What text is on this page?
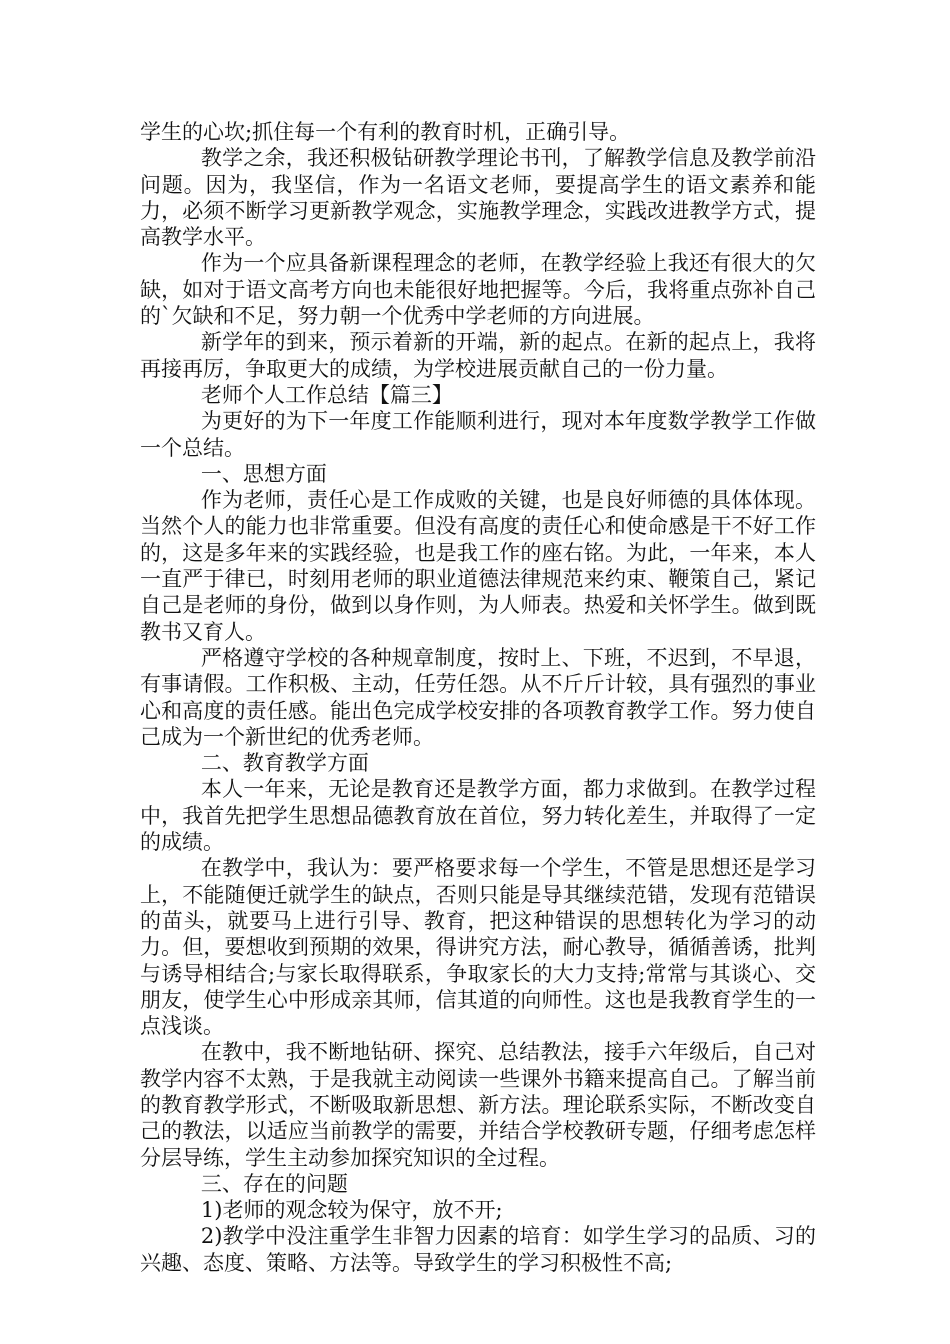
学生的心坎;抓住每一个有利的教育时机，正确引导。

教学之余，我还积极钻研教学理论书刊，了解教学信息及教学前沿问题。因为，我坚信，作为一名语文老师，要提高学生的语文素养和能力，必须不断学习更新教学观念，实施教学理念，实践改进教学方式，提高教学水平。

作为一个应具备新课程理念的老师，在教学经验上我还有很大的欠缺，如对于语文高考方向也未能很好地把握等。今后，我将重点弥补自己的`欠缺和不足，努力朝一个优秀中学老师的方向进展。

新学年的到来，预示着新的开端，新的起点。在新的起点上，我将再接再厉，争取更大的成绩，为学校进展贡献自己的一份力量。

老师个人工作总结【篇三】

为更好的为下一年度工作能顺利进行，现对本年度数学教学工作做一个总结。

一、思想方面

作为老师，责任心是工作成败的关键，也是良好师德的具体体现。当然个人的能力也非常重要。但没有高度的责任心和使命感是干不好工作的，这是多年来的实践经验，也是我工作的座右铭。为此，一年来，本人一直严于律已，时刻用老师的职业道德法律规范来约束、鞭策自己，紧记自己是老师的身份，做到以身作则，为人师表。热爱和关怀学生。做到既教书又育人。

严格遵守学校的各种规章制度，按时上、下班，不迟到，不早退，有事请假。工作积极、主动，任劳任怨。从不斤斤计较，具有强烈的事业心和高度的责任感。能出色完成学校安排的各项教育教学工作。努力使自己成为一个新世纪的优秀老师。

二、教育教学方面

本人一年来，无论是教育还是教学方面，都力求做到。在教学过程中，我首先把学生思想品德教育放在首位，努力转化差生，并取得了一定的成绩。

在教学中，我认为：要严格要求每一个学生，不管是思想还是学习上，不能随便迁就学生的缺点，否则只能是导其继续范错，发现有范错误的苗头，就要马上进行引导、教育，把这种错误的思想转化为学习的动力。但，要想收到预期的效果，得讲究方法，耐心教导，循循善诱，批判与诱导相结合;与家长取得联系，争取家长的大力支持;常常与其谈心、交朋友，使学生心中形成亲其师，信其道的向师性。这也是我教育学生的一点浅谈。

在教中，我不断地钻研、探究、总结教法，接手六年级后，自己对教学内容不太熟，于是我就主动阅读一些课外书籍来提高自己。了解当前的教育教学形式，不断吸取新思想、新方法。理论联系实际，不断改变自己的教法，以适应当前教学的需要，并结合学校教研专题，仔细考虑怎样分层导练，学生主动参加探究知识的全过程。

三、存在的问题

1)老师的观念较为保守，放不开;

2)教学中没注重学生非智力因素的培育：如学生学习的品质、习的兴趣、态度、策略、方法等。导致学生的学习积极性不高;
